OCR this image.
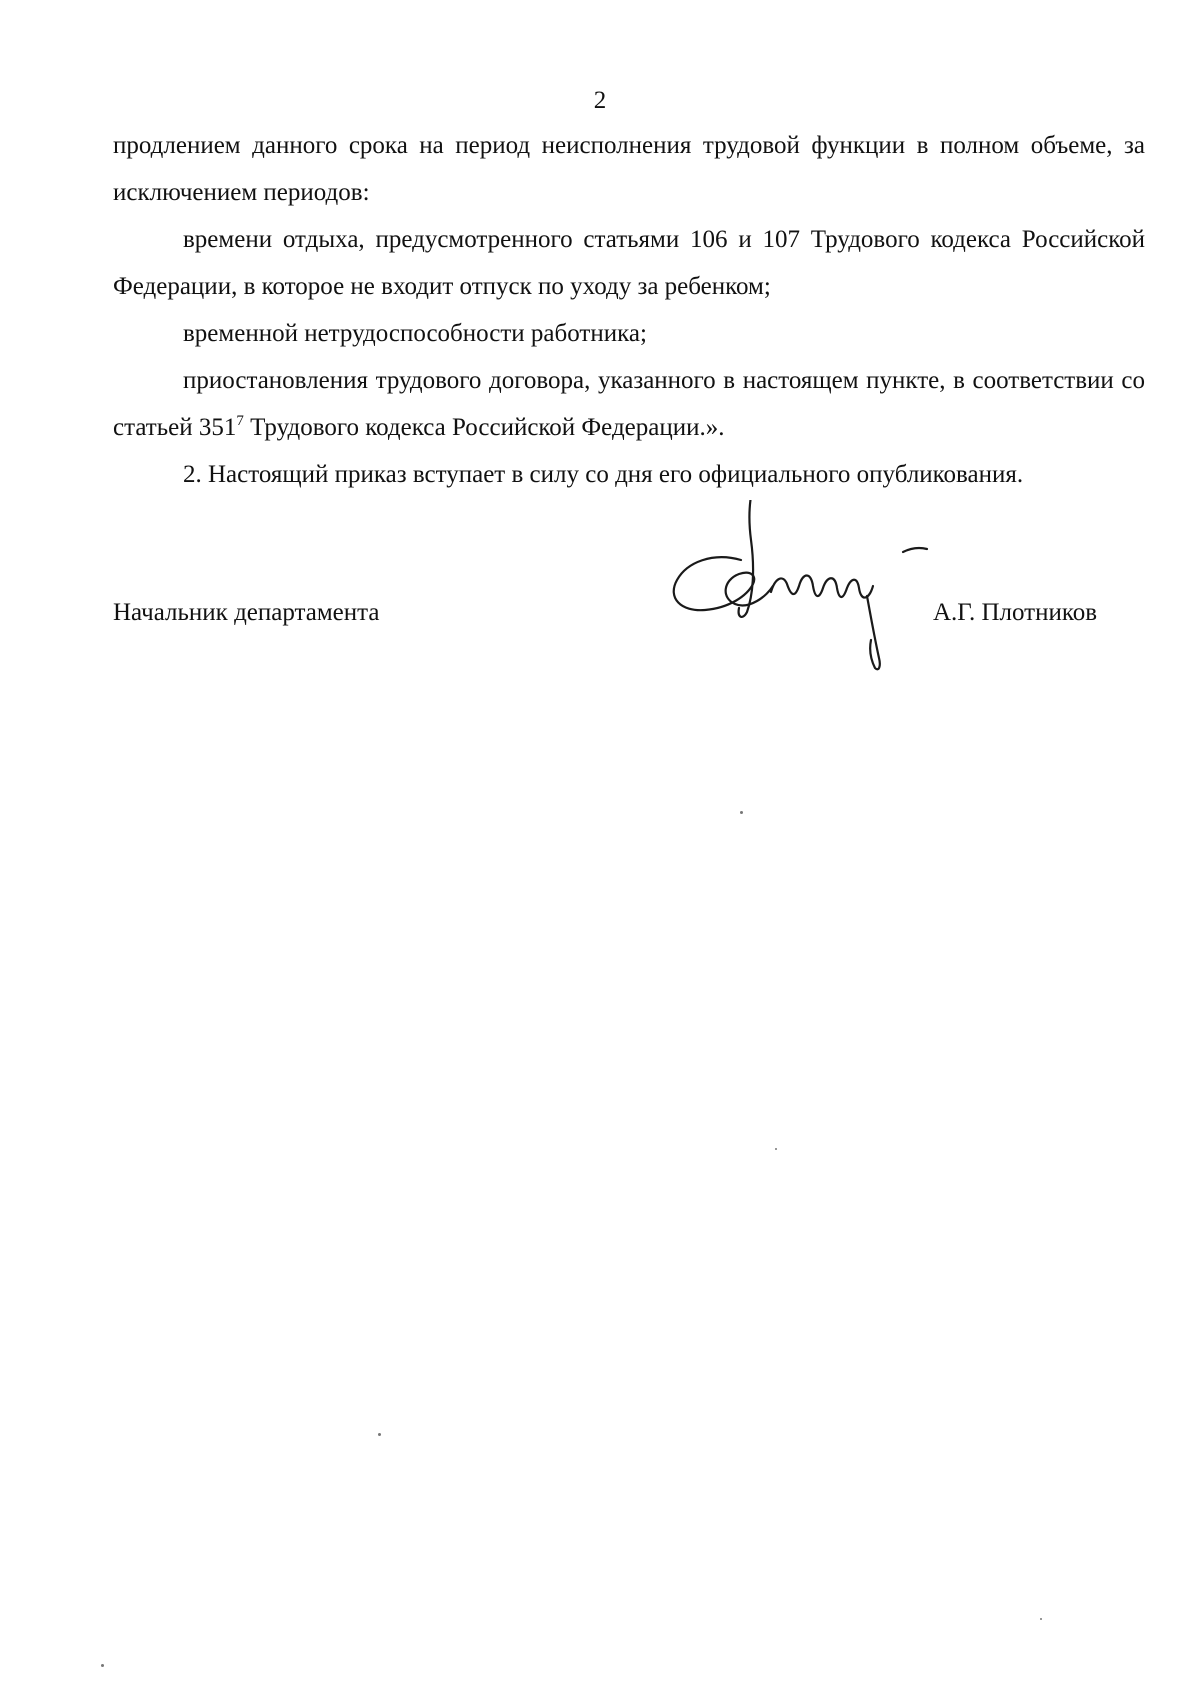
2

продлением данного срока на период неисполнения трудовой функции в полном объеме, за исключением периодов:

времени отдыха, предусмотренного статьями 106 и 107 Трудового кодекса Российской Федерации, в которое не входит отпуск по уходу за ребенком;

временной нетрудоспособности работника;

приостановления трудового договора, указанного в настоящем пункте, в соответствии со статьей $351^7$ Трудового кодекса Российской Федерации.».

2. Настоящий приказ вступает в силу со дня его официального опубликования.

Начальник департамента	А.Г. Плотников
